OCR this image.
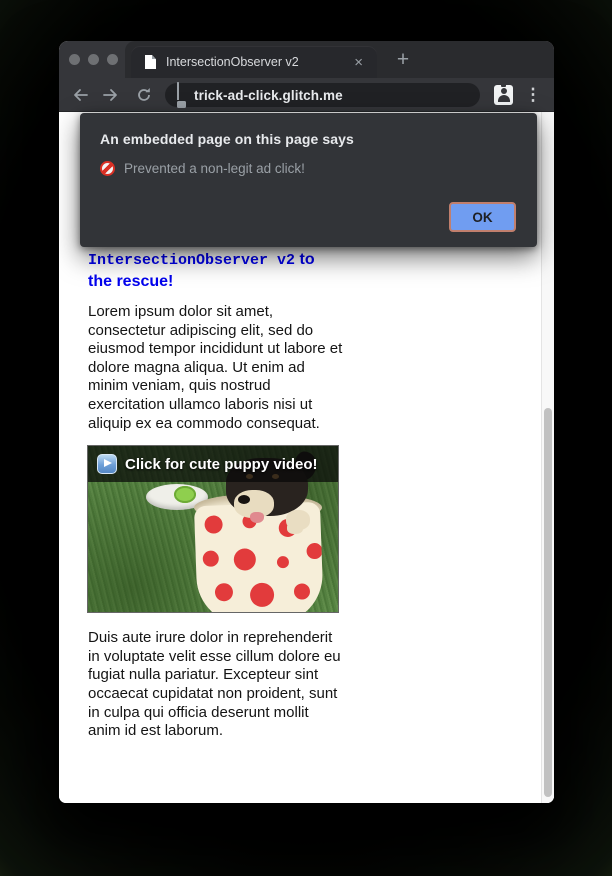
IntersectionObserver v2	×	+
trick-ad-click.glitch.me	⋮
IntersectionObserver v2 to the rescue!

Lorem ipsum dolor sit amet, consectetur adipiscing elit, sed do eiusmod tempor incididunt ut labore et dolore magna aliqua. Ut enim ad minim veniam, quis nostrud exercitation ullamco laboris nisi ut aliquip ex ea commodo consequat.

Click for cute puppy video!

Duis aute irure dolor in reprehenderit in voluptate velit esse cillum dolore eu fugiat nulla pariatur. Excepteur sint occaecat cupidatat non proident, sunt in culpa qui officia deserunt mollit anim id est laborum.

An embedded page on this page says
Prevented a non-legit ad click!
OK
